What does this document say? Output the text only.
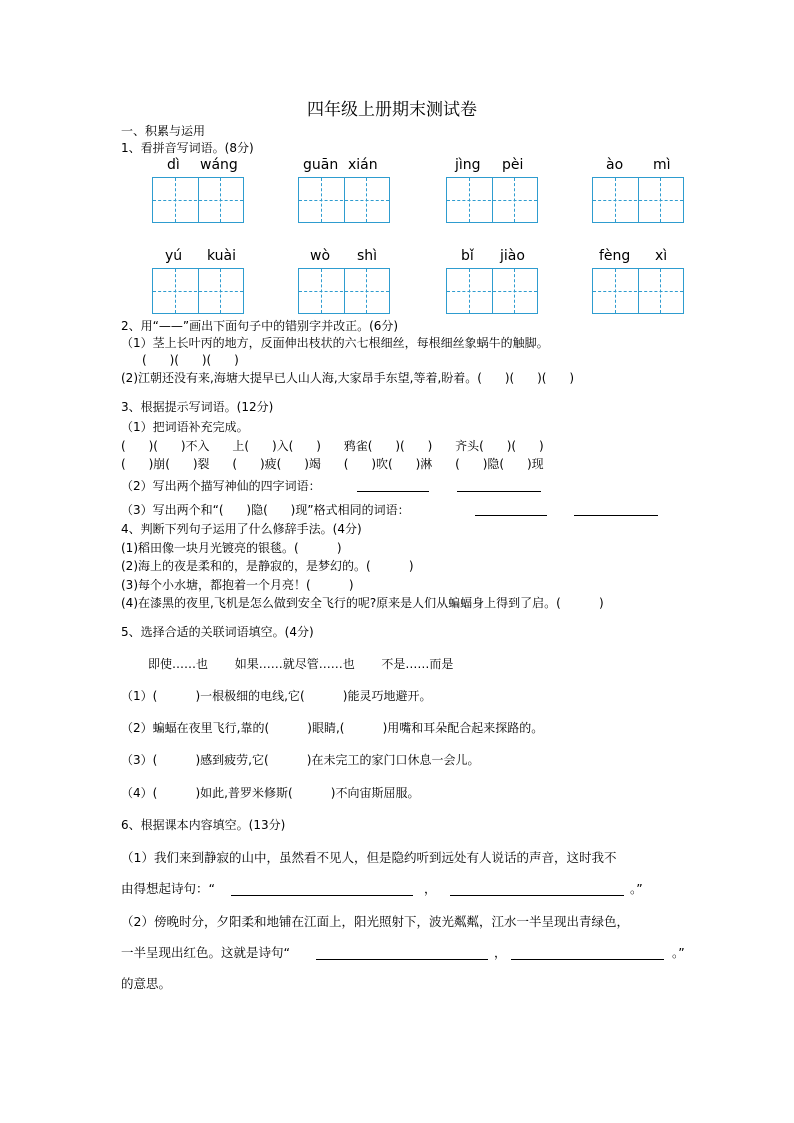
四年级上册期末测试卷
一、积累与运用
1、看拼音写词语。(8分)
dì wáng	guān xián	jìng pèi	ào mì
yú kuài	wò shì	bǐ jiào	fèng xì
2、用“——”画出下面句子中的错别字并改正。(6分)
（1）茎上长叶丙的地方，反面伸出枝状的六七根细丝，每根细丝象蜗牛的触脚。
(      )(      )(      )
(2)江朝还没有来,海塘大提早已人山人海,大家昂手东望,等着,盼着。(      )(      )(      )
3、根据提示写词语。(12分)
（1）把词语补充完成。
(      )(      )不入      上(      )入(      )      鸦雀(      )(      )      齐头(      )(      )
(      )崩(      )裂      (      )疲(      )竭      (      )吹(      )淋      (      )隐(      )现
（2）写出两个描写神仙的四字词语：
（3）写出两个和“(      )隐(      )现”格式相同的词语：
4、判断下列句子运用了什么修辞手法。(4分)
(1)稻田像一块月光镀亮的银毯。(          )
(2)海上的夜是柔和的，是静寂的，是梦幻的。(          )
(3)每个小水塘，都抱着一个月亮！(          )
(4)在漆黑的夜里,飞机是怎么做到安全飞行的呢?原来是人们从蝙蝠身上得到了启。(          )
5、选择合适的关联词语填空。(4分)
即使……也       如果……就尽管……也       不是……而是
（1）(          )一根极细的电线,它(          )能灵巧地避开。
（2）蝙蝠在夜里飞行,靠的(          )眼睛,(          )用嘴和耳朵配合起来探路的。
（3）(          )感到疲劳,它(          )在未完工的家门口休息一会儿。
（4）(          )如此,普罗米修斯(          )不向宙斯屈服。
6、根据课本内容填空。(13分)
（1）我们来到静寂的山中，虽然看不见人，但是隐约听到远处有人说话的声音，这时我不
由得想起诗句：“	，	。”
（2）傍晚时分，夕阳柔和地铺在江面上，阳光照射下，波光粼粼，江水一半呈现出青绿色，
一半呈现出红色。这就是诗句“	，	。”
的意思。
